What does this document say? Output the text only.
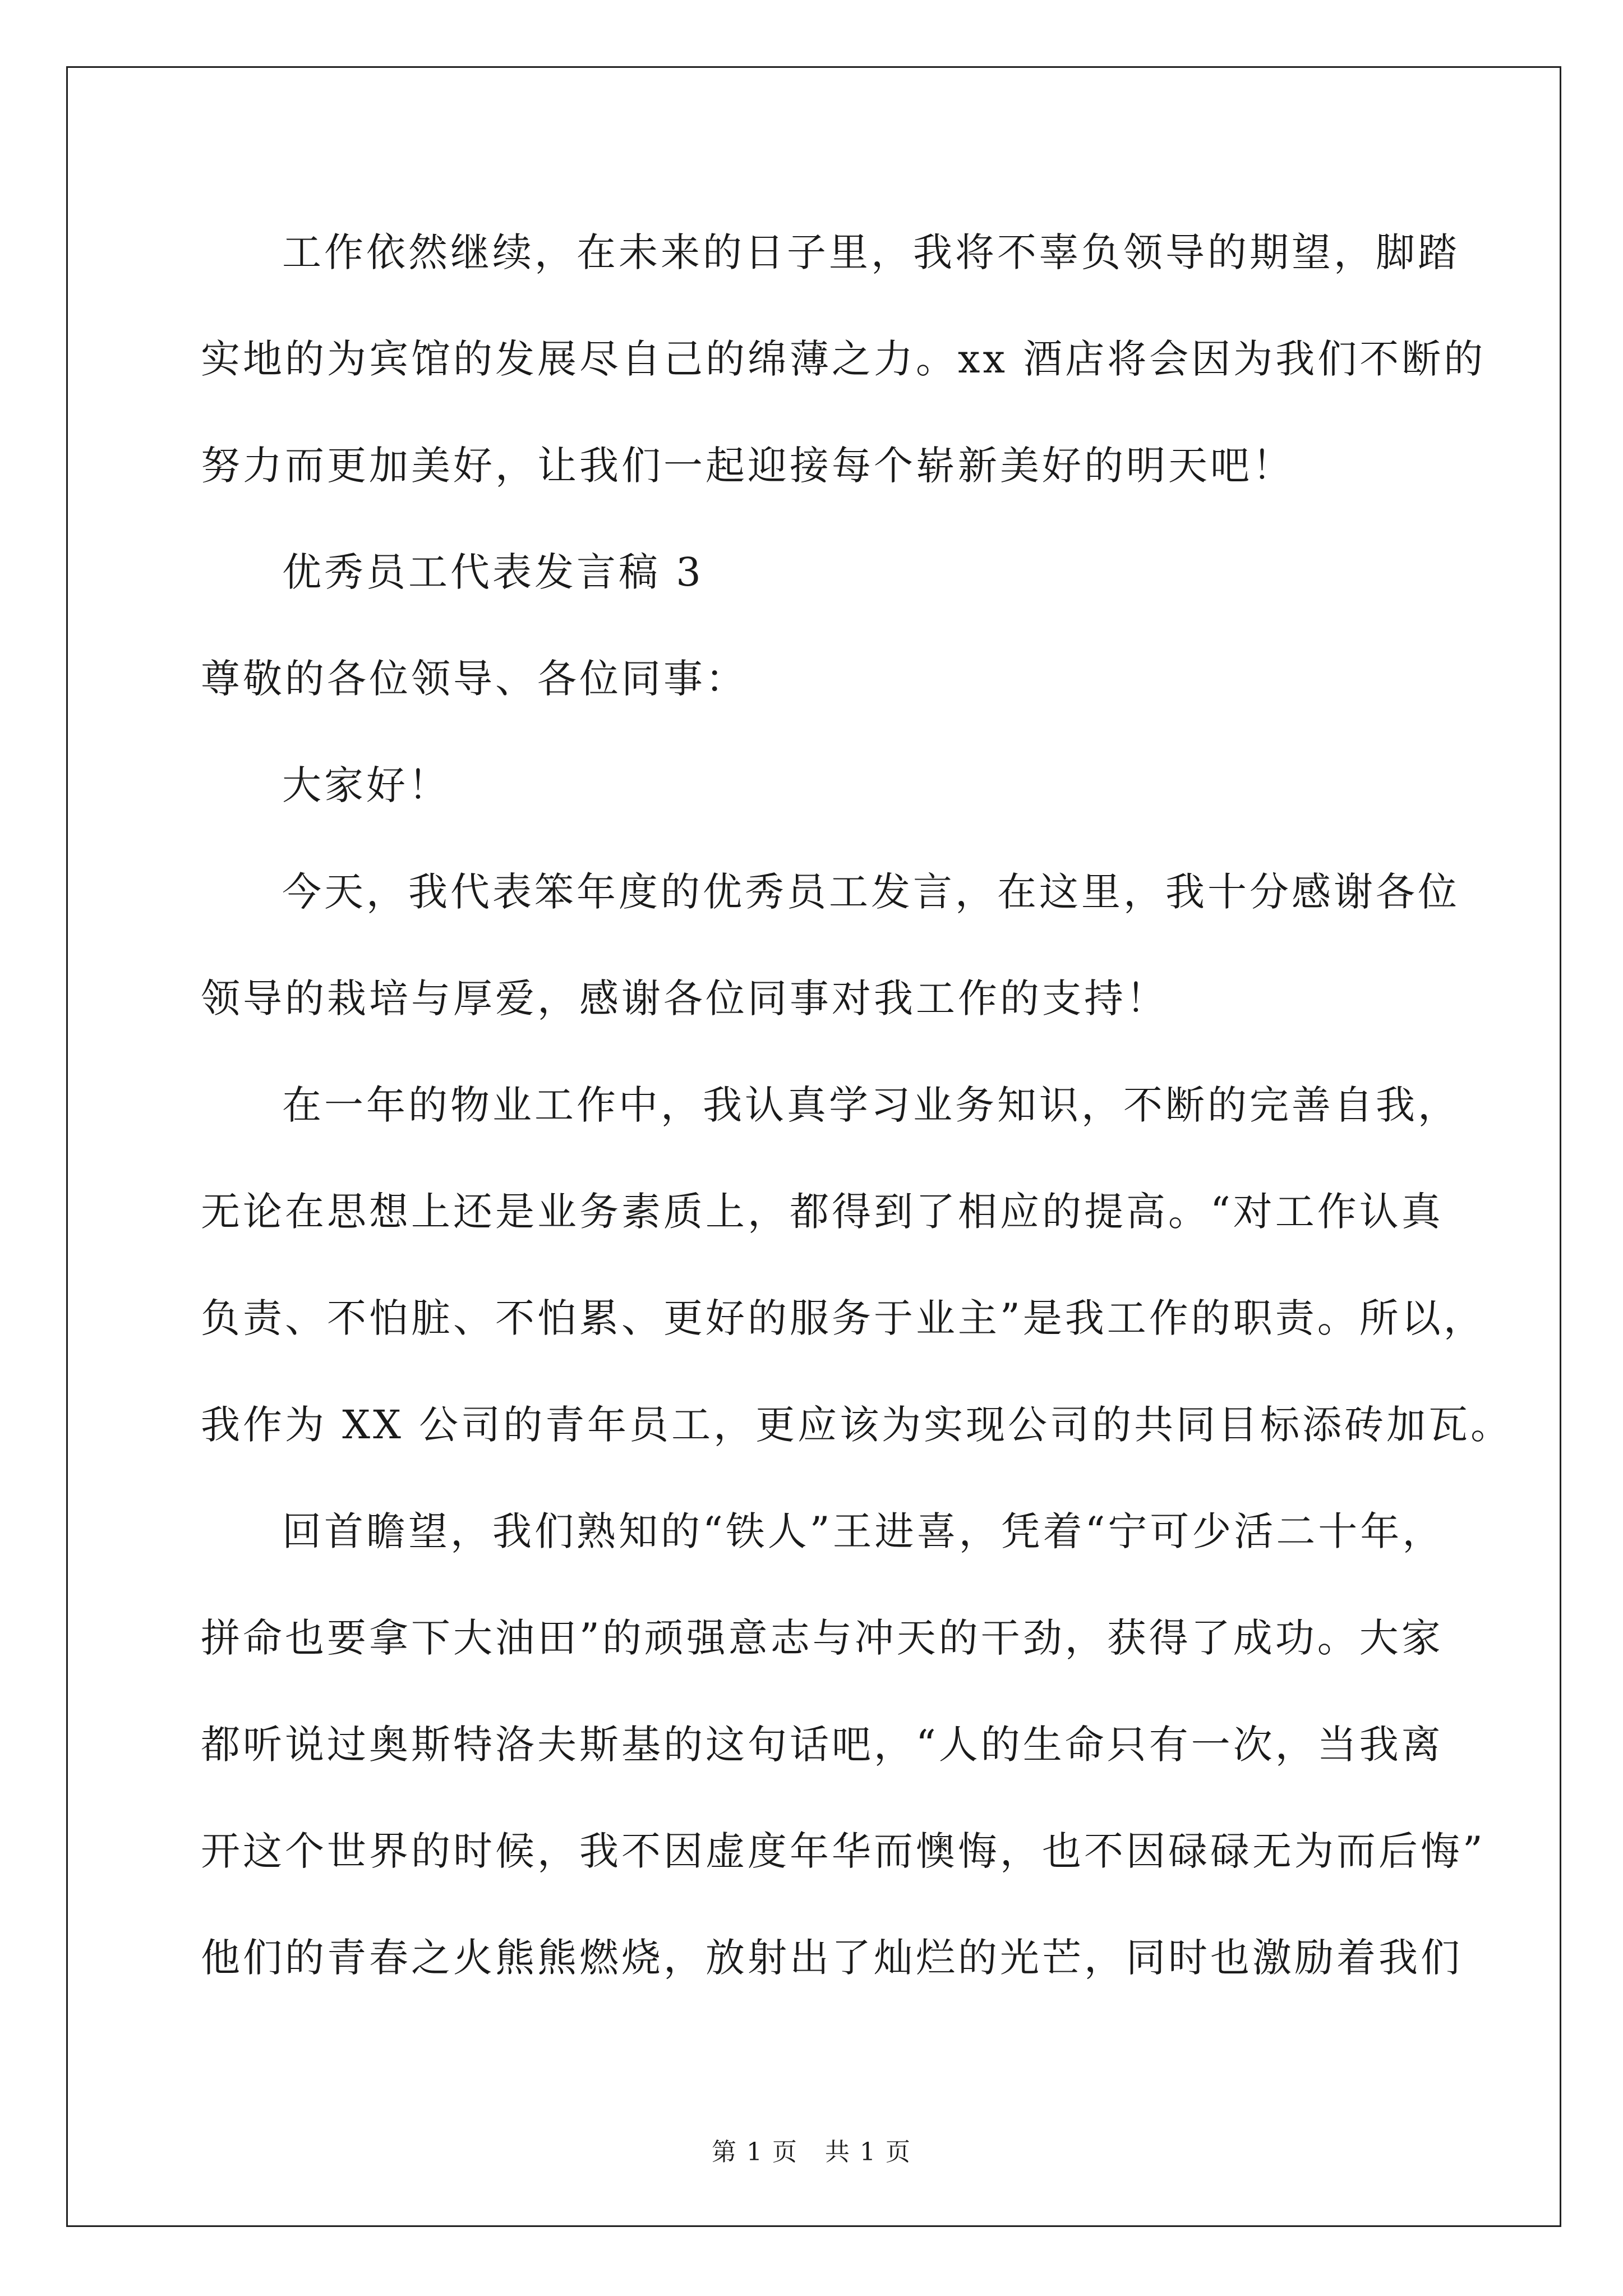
工作依然继续，在未来的日子里，我将不辜负领导的期望，脚踏
实地的为宾馆的发展尽自己的绵薄之力。xx 酒店将会因为我们不断的
努力而更加美好，让我们一起迎接每个崭新美好的明天吧！
优秀员工代表发言稿 3
尊敬的各位领导、各位同事：
大家好！
今天，我代表笨年度的优秀员工发言，在这里，我十分感谢各位
领导的栽培与厚爱，感谢各位同事对我工作的支持！
在一年的物业工作中，我认真学习业务知识，不断的完善自我，
无论在思想上还是业务素质上，都得到了相应的提高。“对工作认真
负责、不怕脏、不怕累、更好的服务于业主”是我工作的职责。所以，
我作为 XX 公司的青年员工，更应该为实现公司的共同目标添砖加瓦。
回首瞻望，我们熟知的“铁人”王进喜，凭着“宁可少活二十年，
拼命也要拿下大油田”的顽强意志与冲天的干劲，获得了成功。大家
都听说过奥斯特洛夫斯基的这句话吧，“人的生命只有一次，当我离
开这个世界的时候，我不因虚度年华而懊悔，也不因碌碌无为而后悔”
他们的青春之火熊熊燃烧，放射出了灿烂的光芒，同时也激励着我们
第 1 页   共 1 页
